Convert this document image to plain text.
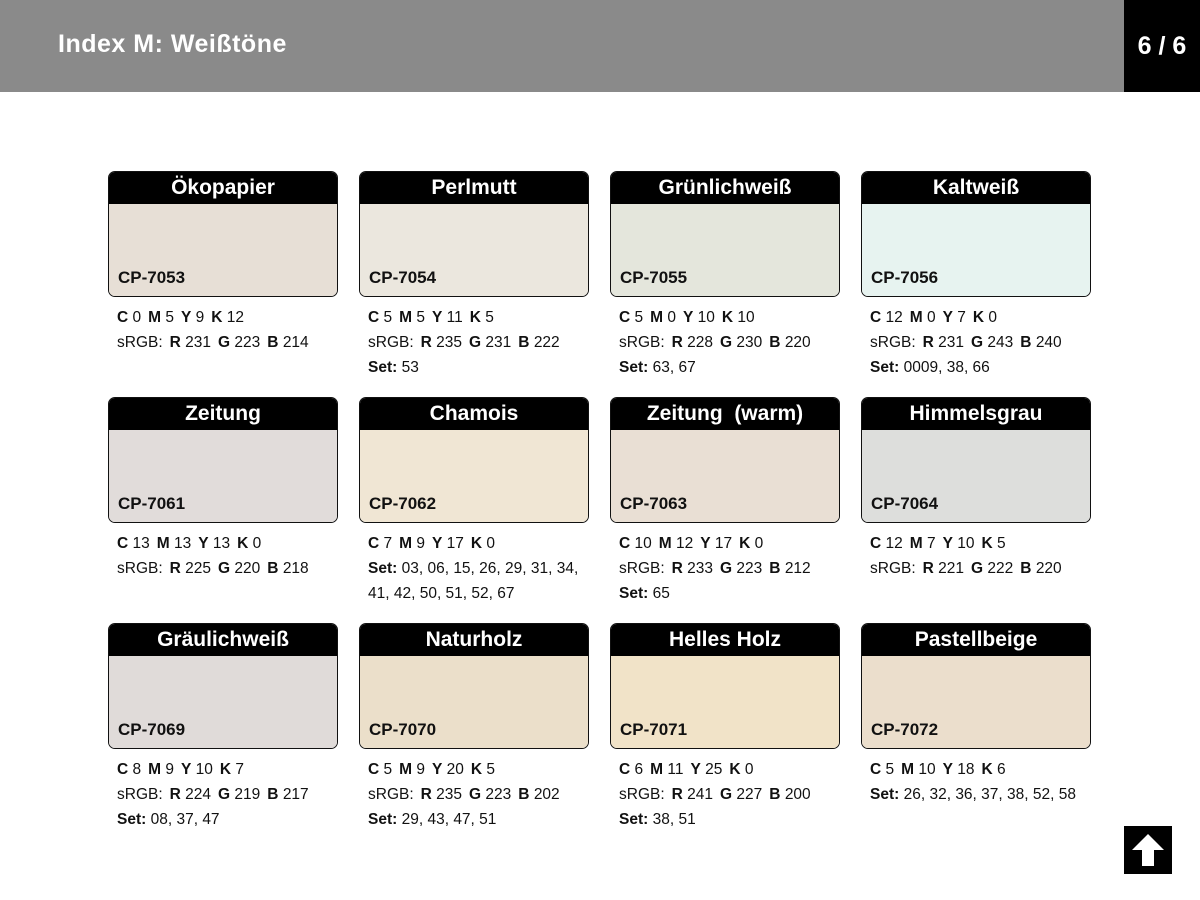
Index M: Weißtöne	6 / 6
Ökopapier
CP-7053
C 0 M 5 Y 9 K 12
sRGB: R 231 G 223 B 214
Perlmutt
CP-7054
C 5 M 5 Y 11 K 5
sRGB: R 235 G 231 B 222
Set: 53
Grünlichweiß
CP-7055
C 5 M 0 Y 10 K 10
sRGB: R 228 G 230 B 220
Set: 63, 67
Kaltweiß
CP-7056
C 12 M 0 Y 7 K 0
sRGB: R 231 G 243 B 240
Set: 0009, 38, 66
Zeitung
CP-7061
C 13 M 13 Y 13 K 0
sRGB: R 225 G 220 B 218
Chamois
CP-7062
C 7 M 9 Y 17 K 0
Set: 03, 06, 15, 26, 29, 31, 34,
41, 42, 50, 51, 52, 67
Zeitung  (warm)
CP-7063
C 10 M 12 Y 17 K 0
sRGB: R 233 G 223 B 212
Set: 65
Himmelsgrau
CP-7064
C 12 M 7 Y 10 K 5
sRGB: R 221 G 222 B 220
Gräulichweiß
CP-7069
C 8 M 9 Y 10 K 7
sRGB: R 224 G 219 B 217
Set: 08, 37, 47
Naturholz
CP-7070
C 5 M 9 Y 20 K 5
sRGB: R 235 G 223 B 202
Set: 29, 43, 47, 51
Helles Holz
CP-7071
C 6 M 11 Y 25 K 0
sRGB: R 241 G 227 B 200
Set: 38, 51
Pastellbeige
CP-7072
C 5 M 10 Y 18 K 6
Set: 26, 32, 36, 37, 38, 52, 58
